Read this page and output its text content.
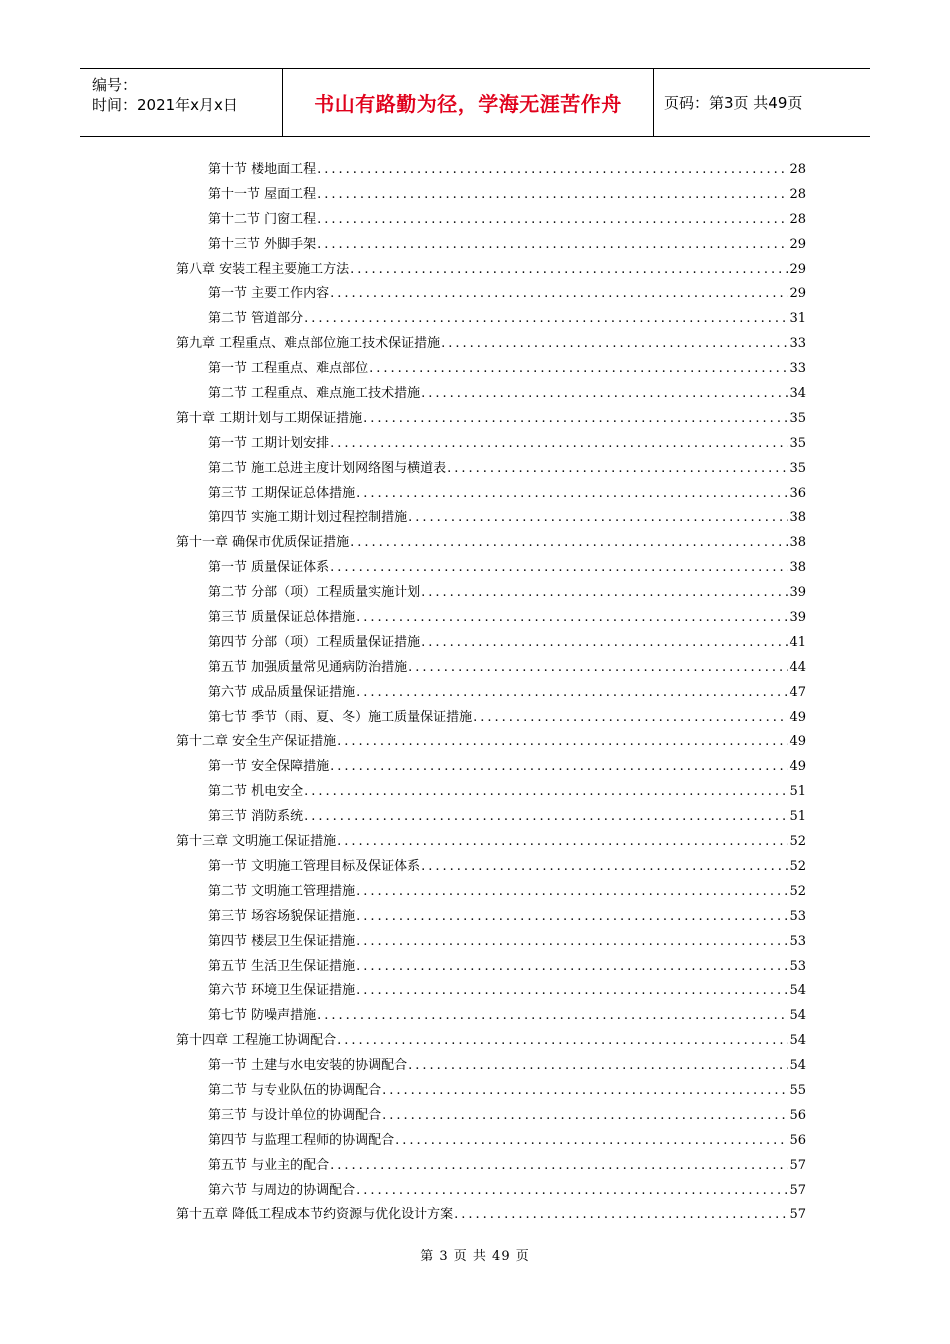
编号：
时间：2021年x月x日	书山有路勤为径，学海无涯苦作舟	页码：第3页 共49页
第十节 楼地面工程 .....	28
第十一节 屋面工程 .....	28
第十二节 门窗工程 .....	28
第十三节 外脚手架 .....	29
第八章 安装工程主要施工方法 .....	29
第一节 主要工作内容 .....	29
第二节 管道部分 .....	31
第九章 工程重点、难点部位施工技术保证措施 .....	33
第一节 工程重点、难点部位 .....	33
第二节 工程重点、难点施工技术措施 .....	34
第十章 工期计划与工期保证措施 .....	35
第一节 工期计划安排 .....	35
第二节 施工总进主度计划网络图与横道表 .....	35
第三节 工期保证总体措施 .....	36
第四节 实施工期计划过程控制措施 .....	38
第十一章 确保市优质保证措施 .....	38
第一节 质量保证体系 .....	38
第二节 分部（项）工程质量实施计划 .....	39
第三节 质量保证总体措施 .....	39
第四节 分部（项）工程质量保证措施 .....	41
第五节 加强质量常见通病防治措施 .....	44
第六节 成品质量保证措施 .....	47
第七节 季节（雨、夏、冬）施工质量保证措施 .....	49
第十二章 安全生产保证措施 .....	49
第一节 安全保障措施 .....	49
第二节 机电安全 .....	51
第三节 消防系统 .....	51
第十三章 文明施工保证措施 .....	52
第一节 文明施工管理目标及保证体系 .....	52
第二节 文明施工管理措施 .....	52
第三节 场容场貌保证措施 .....	53
第四节 楼层卫生保证措施 .....	53
第五节 生活卫生保证措施 .....	53
第六节 环境卫生保证措施 .....	54
第七节 防噪声措施 .....	54
第十四章 工程施工协调配合 .....	54
第一节 土建与水电安装的协调配合 .....	54
第二节 与专业队伍的协调配合 .....	55
第三节 与设计单位的协调配合 .....	56
第四节 与监理工程师的协调配合 .....	56
第五节 与业主的配合 .....	57
第六节 与周边的协调配合 .....	57
第十五章 降低工程成本节约资源与优化设计方案 .....	57
第 3 页 共 49 页
